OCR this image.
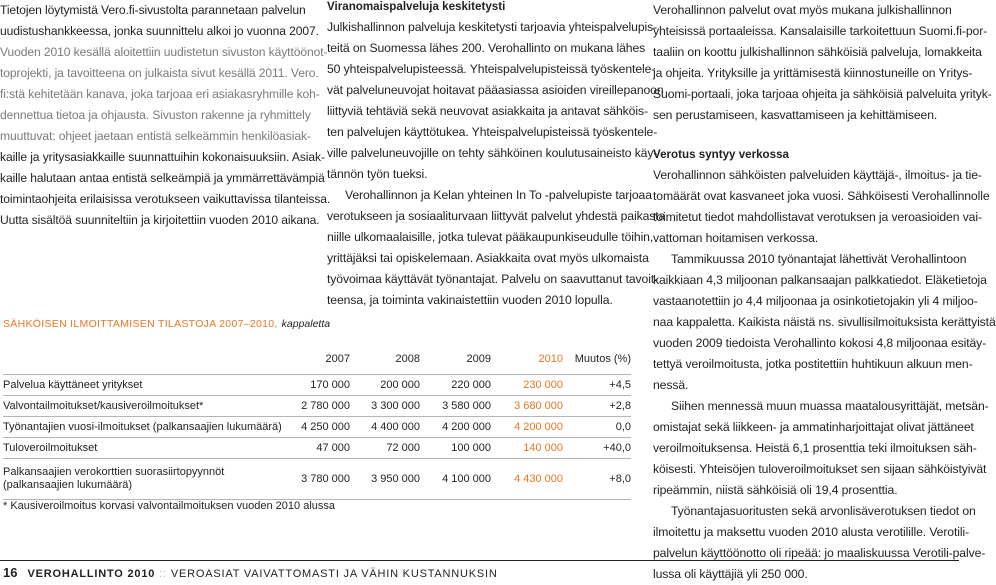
Tietojen löytymistä Vero.fi-sivustolta parannetaan palvelun
uudistushankkeessa, jonka suunnittelu alkoi jo vuonna 2007.
Vuoden 2010 kesällä aloitettiin uudistetun sivuston käyttöönot-
toprojekti, ja tavoitteena on julkaista sivut kesällä 2011. Vero.
fi:stä kehitetään kanava, joka tarjoaa eri asiakasryhmille koh-
dennettua tietoa ja ohjausta. Sivuston rakenne ja ryhmittely
muuttuvat: ohjeet jaetaan entistä selkeämmin henkilöasiak-
kaille ja yritysasiakkaille suunnattuihin kokonaisuuksiin. Asiak-
kaille halutaan antaa entistä selkeämpiä ja ymmärrettävämpiä
toimintaohjeita erilaisissa verotukseen vaikuttavissa tilanteissa.
Uutta sisältöä suunniteltiin ja kirjoitettiin vuoden 2010 aikana.
Viranomaispalveluja keskitetysti
Julkishallinnon palveluja keskitetysti tarjoavia yhteispalvelupis-
teitä on Suomessa lähes 200. Verohallinto on mukana lähes
50 yhteispalvelupisteessä. Yhteispalvelupisteissä työskentele-
vät palveluneuvojat hoitavat pääasiassa asioiden vireillepanoon
liittyviä tehtäviä sekä neuvovat asiakkaita ja antavat sähköis-
ten palvelujen käyttötukea. Yhteispalvelupisteissä työskentele-
ville palveluneuvojille on tehty sähköinen koulutusaineisto käy-
tännön työn tueksi.
Verohallinnon ja Kelan yhteinen In To -palvelupiste tarjoaa
verotukseen ja sosiaaliturvaan liittyvät palvelut yhdestä paikasta
niille ulkomaalaisille, jotka tulevat pääkaupunkiseudulle töihin,
yrittäjäksi tai opiskelemaan. Asiakkaita ovat myös ulkomaista
työvoimaa käyttävät työnantajat. Palvelu on saavuttanut tavoit-
teensa, ja toiminta vakinaistettiin vuoden 2010 lopulla.
Verohallinnon palvelut ovat myös mukana julkishallinnon
yhteisissä portaaleissa. Kansalaisille tarkoitettuun Suomi.fi-por-
taaliin on koottu julkishallinnon sähköisiä palveluja, lomakkeita
ja ohjeita. Yrityksille ja yrittämisestä kiinnostuneille on Yritys-
Suomi-portaali, joka tarjoaa ohjeita ja sähköisiä palveluita yrityk-
sen perustamiseen, kasvattamiseen ja kehittämiseen.
Verotus syntyy verkossa
Verohallinnon sähköisten palveluiden käyttäjä-, ilmoitus- ja tie-
tomäärät ovat kasvaneet joka vuosi. Sähköisesti Verohallinnolle
toimitetut tiedot mahdollistavat verotuksen ja veroasioiden vai-
vattoman hoitamisen verkossa.
Tammikuussa 2010 työnantajat lähettivät Verohallintoon
kaikkiaan 4,3 miljoonan palkansaajan palkkatiedot. Eläketietoja
vastaanotettiin jo 4,4 miljoonaa ja osinkotietojakin yli 4 miljoo-
naa kappaletta. Kaikista näistä ns. sivullisilmoituksista kerättyistä
vuoden 2009 tiedoista Verohallinto kokosi 4,8 miljoonaa esitäy-
tettyä veroilmoitusta, jotka postitettiin huhtikuun alkuun men-
nessä.
Siihen mennessä muun muassa maatalousyrittäjät, metsän-
omistajat sekä liikkeen- ja ammatinharjoittajat olivat jättäneet
veroilmoituksensa. Heistä 6,1 prosenttia teki ilmoituksen säh-
köisesti. Yhteisöjen tuloveroilmoitukset sen sijaan sähköistyivät
ripeämmin, niistä sähköisiä oli 19,4 prosenttia.
Työnantajasuoritusten sekä arvonlisäverotuksen tiedot on
ilmoitettu ja maksettu vuoden 2010 alusta verotilille. Verotili-
palvelun käyttöönotto oli ripeää: jo maaliskuussa Verotili-palve-
lussa oli käyttäjiä yli 250 000.
SÄHKÖISEN ILMOITTAMISEN TILASTOJA 2007–2010, kappaletta
	2007	2008	2009	2010	Muutos (%)

Palvelua käyttäneet yritykset	170 000	200 000	220 000	230 000	+4,5

Valvontailmoitukset/kausiveroilmoitukset*	2 780 000	3 300 000	3 580 000	3 680 000	+2,8

Työnantajien vuosi-ilmoitukset (palkansaajien lukumäärä)	4 250 000	4 400 000	4 200 000	4 200 000	0,0

Tuloveroilmoitukset	47 000	72 000	100 000	140 000	+40,0

Palkansaajien verokorttien suorasiirtopyynnöt
(palkansaajien lukumäärä)	3 780 000	3 950 000	4 100 000	4 430 000	+8,0
* Kausiveroilmoitus korvasi valvontailmoituksen vuoden 2010 alussa
16 VEROHALLINTO 2010 :: VEROASIAT VAIVATTOMASTI JA VÄHIN KUSTANNUKSIN
